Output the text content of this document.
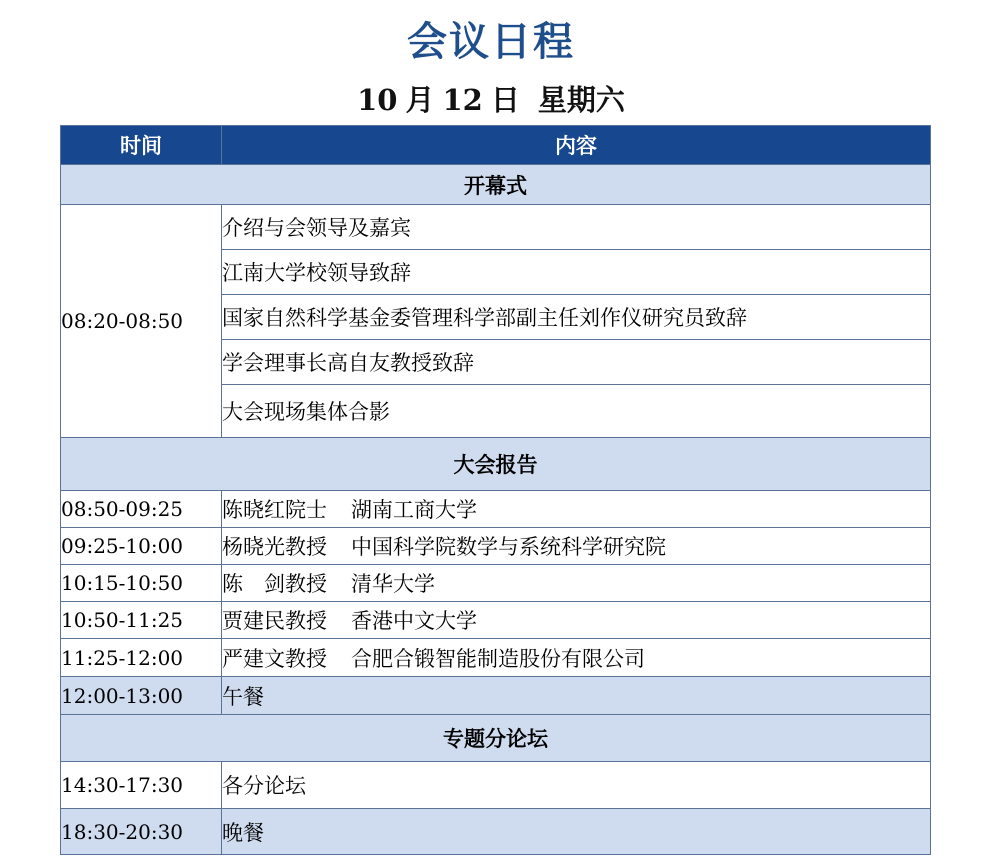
会议日程
10 月 12 日 星期六
时间	内容
开幕式	
08:20-08:50	介绍与会领导及嘉宾
	江南大学校领导致辞
	国家自然科学基金委管理科学部副主任刘作仪研究员致辞
	学会理事长高自友教授致辞
	大会现场集体合影
大会报告	
08:50-09:25	陈晓红院士 湖南工商大学
09:25-10:00	杨晓光教授 中国科学院数学与系统科学研究院
10:15-10:50	陈　剑教授 清华大学
10:50-11:25	贾建民教授 香港中文大学
11:25-12:00	严建文教授 合肥合锻智能制造股份有限公司
12:00-13:00	午餐
专题分论坛	
14:30-17:30	各分论坛
18:30-20:30	晚餐
